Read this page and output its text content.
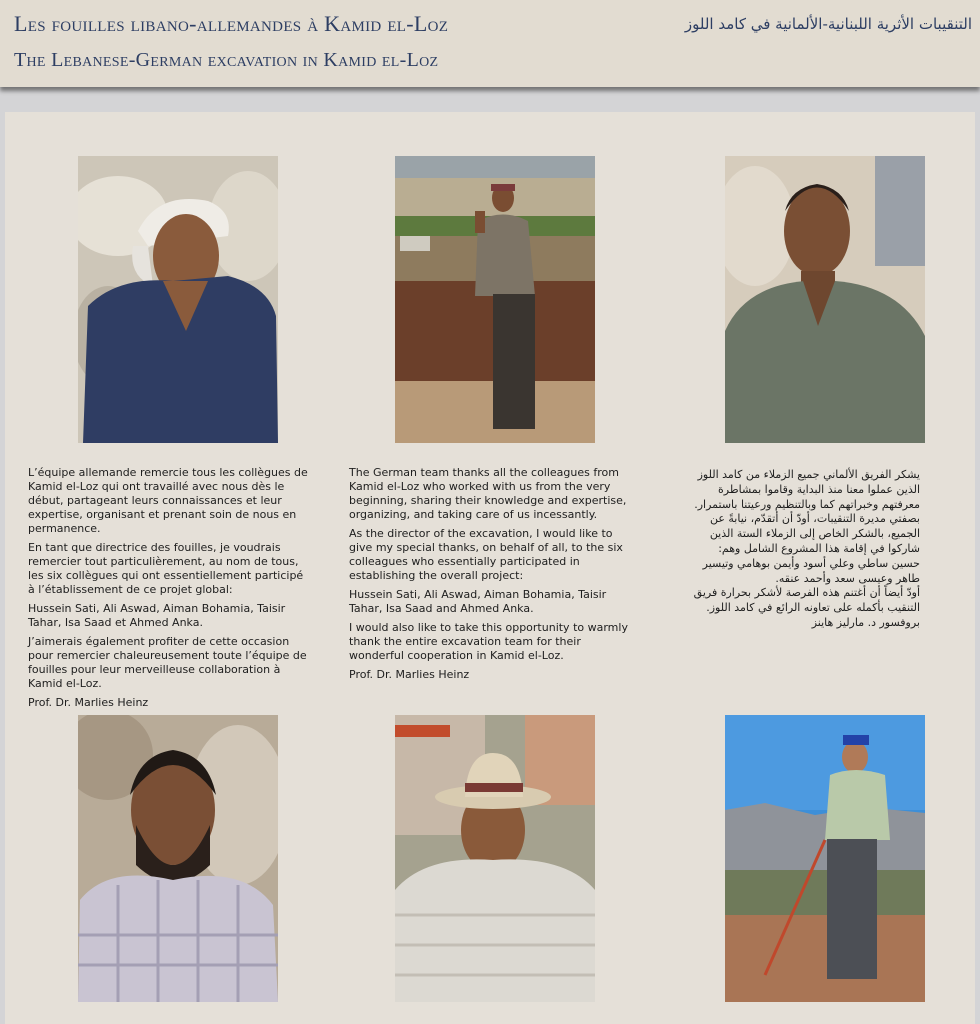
Les fouilles libano-allemandes à Kamid el-Loz
The Lebanese-German excavation in Kamid el-Loz
التنقيبات الأثرية اللبنانية-الألمانية في كامد اللوز

L’équipe allemande remercie tous les collègues de Kamid el-Loz qui ont travaillé avec nous dès le début, partageant leurs connaissances et leur expertise, organisant et prenant soin de nous en permanence.

En tant que directrice des fouilles, je voudrais remercier tout particulièrement, au nom de tous, les six collègues qui ont essentiellement participé à l’établissement de ce projet global:

Hussein Sati, Ali Aswad, Aiman Bohamia, Taisir Tahar, Isa Saad et Ahmed Anka.

J’aimerais également profiter de cette occasion pour remercier chaleureusement toute l’équipe de fouilles pour leur merveilleuse collaboration à Kamid el-Loz.

Prof. Dr. Marlies Heinz

The German team thanks all the colleagues from Kamid el-Loz who worked with us from the very beginning, sharing their knowledge and expertise, organizing, and taking care of us incessantly.

As the director of the excavation, I would like to give my special thanks, on behalf of all, to the six colleagues who essentially participated in establishing the overall project:

Hussein Sati, Ali Aswad, Aiman Bohamia, Taisir Tahar, Isa Saad and Ahmed Anka.

I would also like to take this opportunity to warmly thank the entire excavation team for their wonderful cooperation in Kamid el-Loz.

Prof. Dr. Marlies Heinz

يشكر الفريق الألماني جميع الزملاء من كامد اللوز الذين عملوا معنا منذ البداية وقاموا بمشاطرة معرفتهم وخبراتهم كما وبالتنظيم ورعيتنا باستمرار.

بصفتي مديرة التنقيبات، أودّ أن أتقدّم، نيابةً عن الجميع، بالشكر الخاص إلى الزملاء الستة الذين شاركوا في إقامة هذا المشروع الشامل وهم:

حسين ساطي وعلي أسود وأيمن بوهامي وتيسير طاهر وعيسى سعد وأحمد عنقه.

أودّ أيضاً أن أغتنم هذه الفرصة لأشكر بحرارة فريق التنقيب بأكمله على تعاونه الرائع في كامد اللوز.

بروفسور د. مارليز هاينز
